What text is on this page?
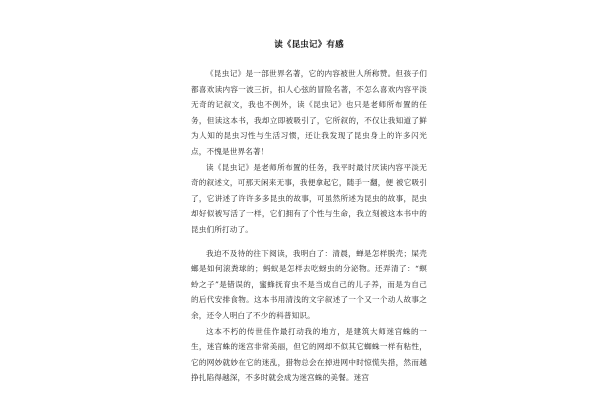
读《昆虫记》有感

《昆虫记》是一部世界名著，它的内容被世人所称赞。但孩子们都喜欢读内容一波三折，扣人心弦的冒险名著，不怎么喜欢内容平淡无奇的记叙文，我也不例外，读《昆虫记》也只是老师所布置的任务，但读这本书，我却立即被吸引了，它所叙的，不仅让我知道了鲜为人知的昆虫习性与生活习惯，还让我发现了昆虫身上的许多闪光点，不愧是世界名著！

读《昆虫记》是老师所布置的任务，我平时最讨厌读内容平淡无奇的叙述文，可那天闲来无事，我便拿起它，随手一翻，便 被它吸引了，它讲述了许许多多昆虫的故事，可虽然所述为昆虫的故事，昆虫却好似被写活了一样，它们拥有了个性与生命，我立刻被这本书中的昆虫们所打动了。

我迫不及待的往下阅读，我明白了：清晨，蝉是怎样脱壳；屎壳螂是如何滚粪球的；蚂蚁是怎样去吃蚜虫的分泌物。还弄清了：“螟蛉之子”是错误的，蜜蜂抚育虫不是当成自己的儿子养，而是为自己的后代安排食物。这本书用清浅的文字叙述了一个又一个动人故事之余，还令人明白了不少的科普知识。

这本不朽的传世佳作最打动我的地方，是建筑大师迷宫蛛的一生，迷宫蛛的迷宫非常美丽，但它的网却不似其它蜘蛛一样有粘性，它的网妙就妙在它的迷乱，猎物总会在掉进网中时惊慌失措，然而越挣扎陷得越深，不多时就会成为迷宫蛛的美餐。迷宫
